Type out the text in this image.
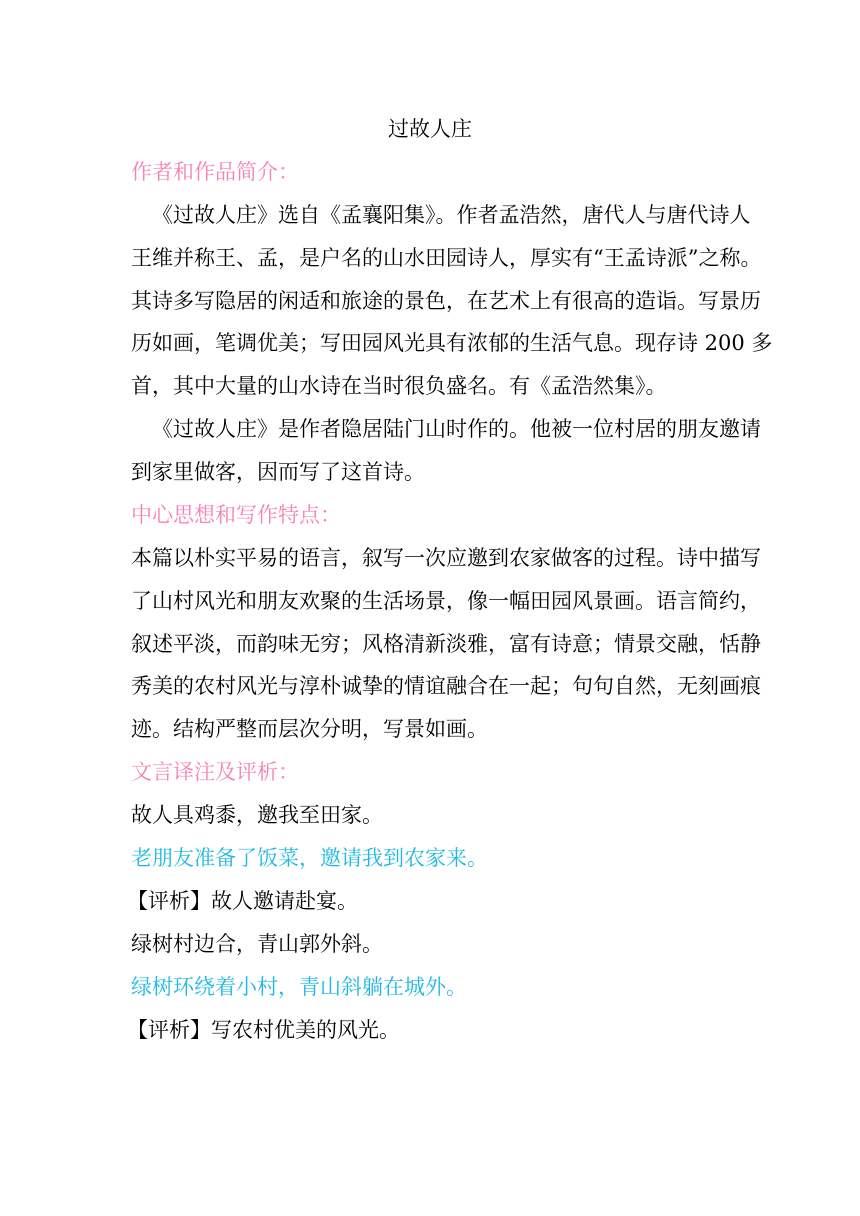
过故人庄
作者和作品简介：
《过故人庄》选自《孟襄阳集》。作者孟浩然，唐代人与唐代诗人
王维并称王、孟，是户名的山水田园诗人，厚实有“王孟诗派”之称。
其诗多写隐居的闲适和旅途的景色，在艺术上有很高的造诣。写景历
历如画，笔调优美；写田园风光具有浓郁的生活气息。现存诗 200 多
首，其中大量的山水诗在当时很负盛名。有《孟浩然集》。
《过故人庄》是作者隐居陆门山时作的。他被一位村居的朋友邀请
到家里做客，因而写了这首诗。
中心思想和写作特点：
本篇以朴实平易的语言，叙写一次应邀到农家做客的过程。诗中描写
了山村风光和朋友欢聚的生活场景，像一幅田园风景画。语言简约，
叙述平淡，而韵味无穷；风格清新淡雅，富有诗意；情景交融，恬静
秀美的农村风光与淳朴诚挚的情谊融合在一起；句句自然，无刻画痕
迹。结构严整而层次分明，写景如画。
文言译注及评析：
故人具鸡黍，邀我至田家。
老朋友准备了饭菜，邀请我到农家来。
【评析】故人邀请赴宴。
绿树村边合，青山郭外斜。
绿树环绕着小村，青山斜躺在城外。
【评析】写农村优美的风光。
